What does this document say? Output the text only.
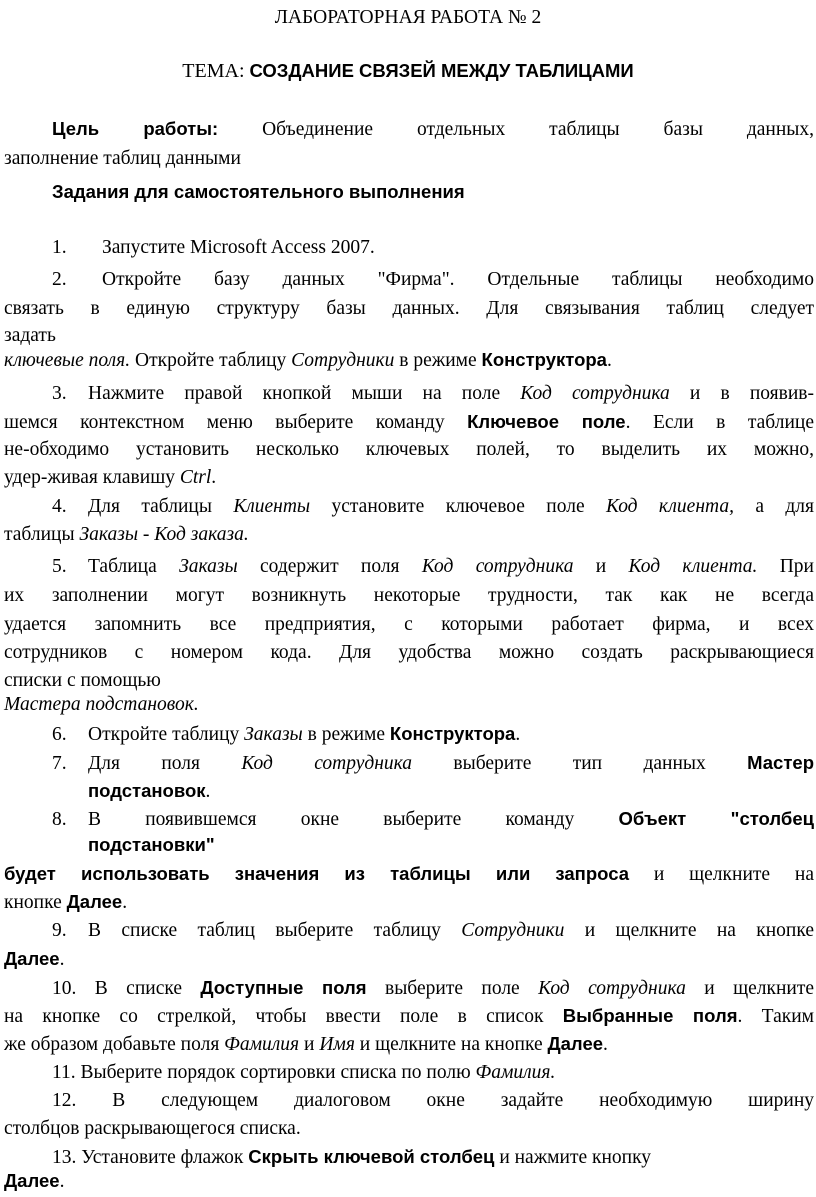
ЛАБОРАТОРНАЯ РАБОТА № 2
ТЕМА: СОЗДАНИЕ СВЯЗЕЙ МЕЖДУ ТАБЛИЦАМИ
Цель работы: Объединение отдельных таблицы базы данных,
заполнение таблиц данными
Задания для самостоятельного выполнения
1. Запустите Microsoft Access 2007.
2. Откройте базу данных "Фирма". Отдельные таблицы необходимо
связать в единую структуру базы данных. Для связывания таблиц следует
задать
ключевые поля. Откройте таблицу Сотрудники в режиме Конструктора.
3. Нажмите правой кнопкой мыши на поле Код сотрудника и в появив-
шемся контекстном меню выберите команду Ключевое поле. Если в таблице
не-обходимо установить несколько ключевых полей, то выделить их можно,
удер-живая клавишу Ctrl.
4. Для таблицы Клиенты установите ключевое поле Код клиента, а для
таблицы Заказы - Код заказа.
5. Таблица Заказы содержит поля Код сотрудника и Код клиента. При
их заполнении могут возникнуть некоторые трудности, так как не всегда
удается запомнить все предприятия, с которыми работает фирма, и всех
сотрудников с номером кода. Для удобства можно создать раскрывающиеся
списки с помощью
Мастера подстановок.
6. Откройте таблицу Заказы в режиме Конструктора.
7. Для поля Код сотрудника выберите тип данных Мастер
подстановок.
8. В появившемся окне выберите команду Объект "столбец
подстановки"
будет использовать значения из таблицы или запроса и щелкните на
кнопке Далее.
9. В списке таблиц выберите таблицу Сотрудники и щелкните на кнопке
Далее.
10. В списке Доступные поля выберите поле Код сотрудника и щелкните
на кнопке со стрелкой, чтобы ввести поле в список Выбранные поля. Таким
же образом добавьте поля Фамилия и Имя и щелкните на кнопке Далее.
11. Выберите порядок сортировки списка по полю Фамилия.
12. В следующем диалоговом окне задайте необходимую ширину
столбцов раскрывающегося списка.
13. Установите флажок Скрыть ключевой столбец и нажмите кнопку
Далее.
